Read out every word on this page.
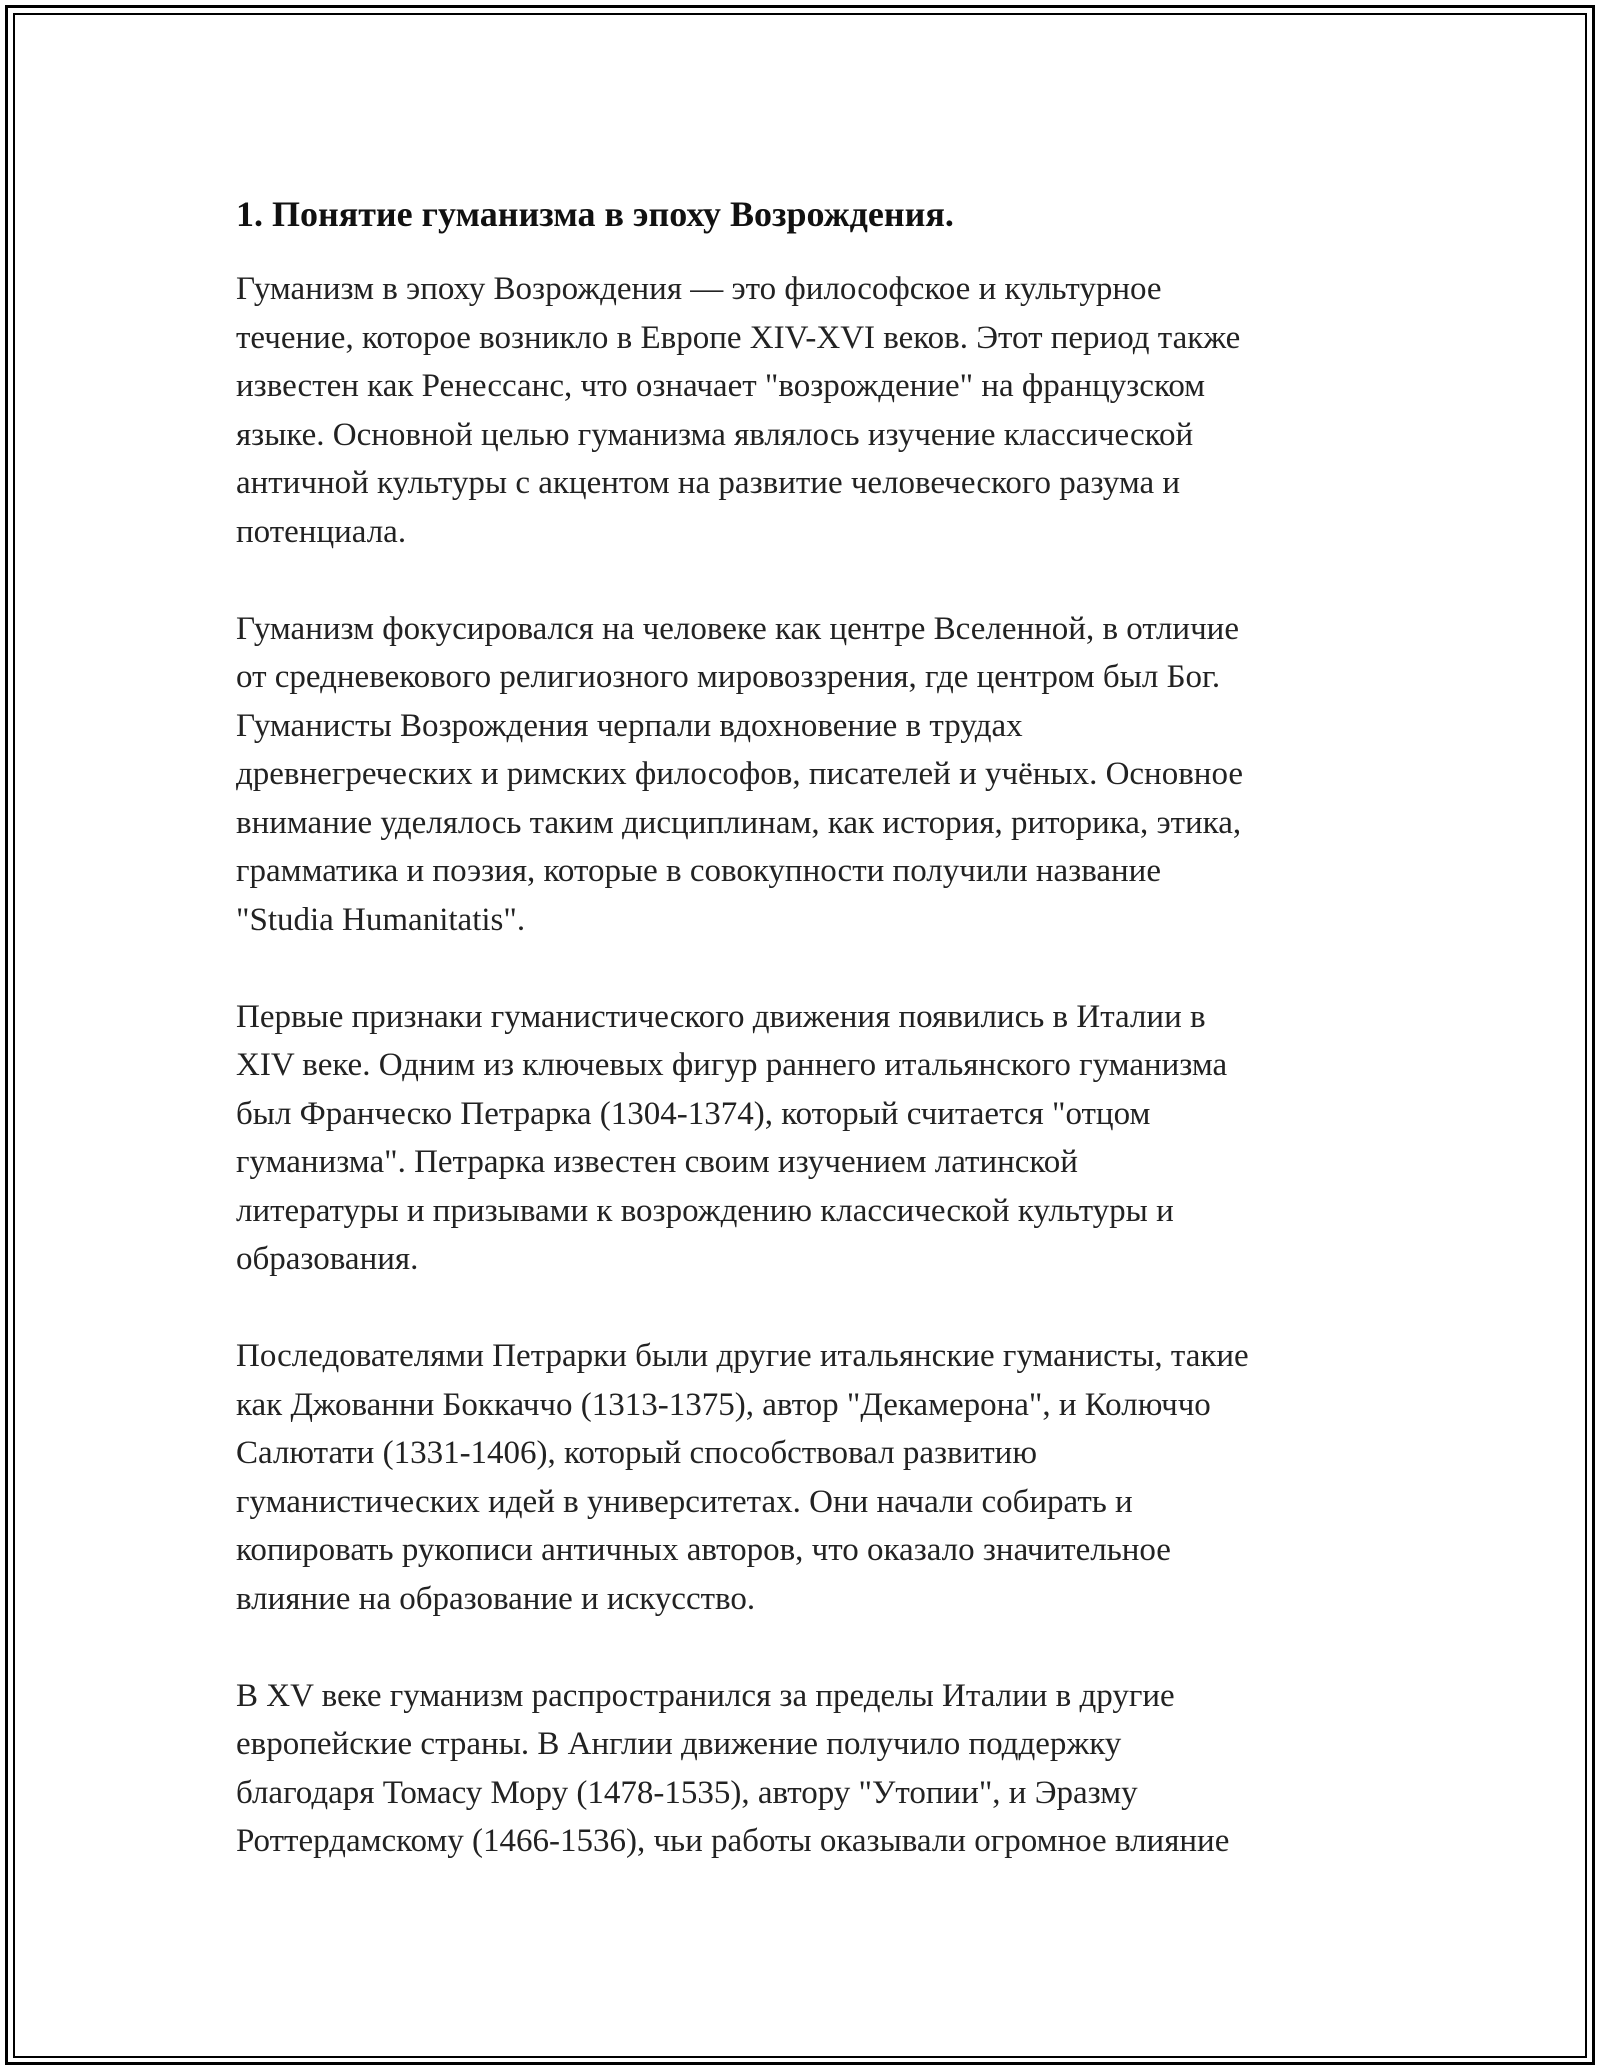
1. Понятие гуманизма в эпоху Возрождения.

Гуманизм в эпоху Возрождения — это философское и культурное
течение, которое возникло в Европе XIV-XVI веков. Этот период также
известен как Ренессанс, что означает "возрождение" на французском
языке. Основной целью гуманизма являлось изучение классической
античной культуры с акцентом на развитие человеческого разума и
потенциала.

Гуманизм фокусировался на человеке как центре Вселенной, в отличие
от средневекового религиозного мировоззрения, где центром был Бог.
Гуманисты Возрождения черпали вдохновение в трудах
древнегреческих и римских философов, писателей и учёных. Основное
внимание уделялось таким дисциплинам, как история, риторика, этика,
грамматика и поэзия, которые в совокупности получили название
"Studia Humanitatis".

Первые признаки гуманистического движения появились в Италии в
XIV веке. Одним из ключевых фигур раннего итальянского гуманизма
был Франческо Петрарка (1304-1374), который считается "отцом
гуманизма". Петрарка известен своим изучением латинской
литературы и призывами к возрождению классической культуры и
образования.

Последователями Петрарки были другие итальянские гуманисты, такие
как Джованни Боккаччо (1313-1375), автор "Декамерона", и Колюччо
Салютати (1331-1406), который способствовал развитию
гуманистических идей в университетах. Они начали собирать и
копировать рукописи античных авторов, что оказало значительное
влияние на образование и искусство.

В XV веке гуманизм распространился за пределы Италии в другие
европейские страны. В Англии движение получило поддержку
благодаря Томасу Мору (1478-1535), автору "Утопии", и Эразму
Роттердамскому (1466-1536), чьи работы оказывали огромное влияние
